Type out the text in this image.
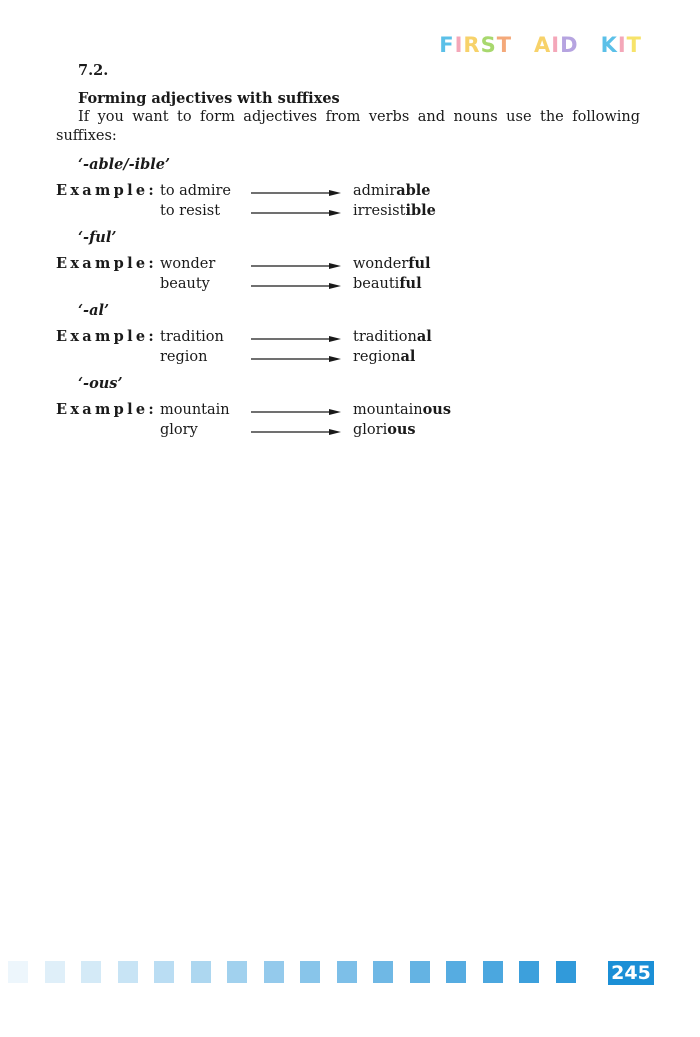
F I R S T A I D K I T
7.2.
Forming adjectives with suffixes

If you want to form adjectives from verbs and nouns use the following suffixes:

‘-able/-ible’
Example: to admire	admirable
to resist	irresistible
‘-ful’
Example: wonder	wonderful
beauty	beautiful
‘-al’
Example: tradition	traditional
region	regional
‘-ous’
Example: mountain	mountainous
glory	glorious
245
